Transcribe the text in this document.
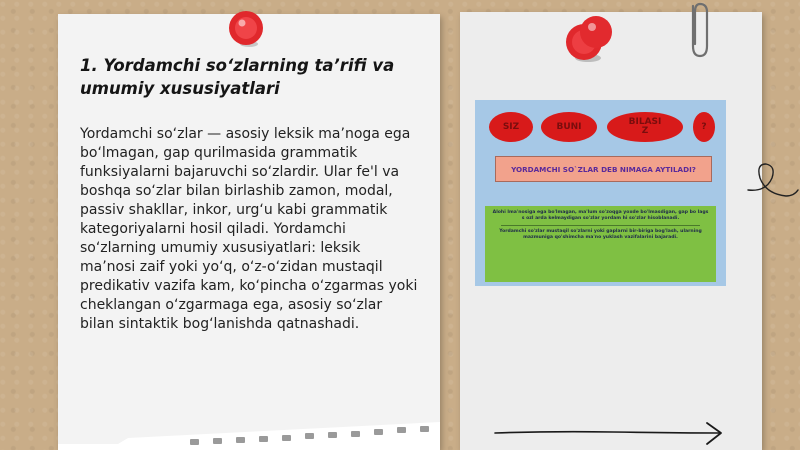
1. Yordamchi so‘zlarning ta’rifi va
umumiy xususiyatlari

Yordamchi so‘zlar — asosiy leksik ma’noga ega bo‘lmagan, gap qurilmasida grammatik funksiyalarni bajaruvchi so‘zlardir. Ular fe'l va boshqa so‘zlar bilan birlashib zamon, modal, passiv shakllar, inkor, urg‘u kabi grammatik kategoriyalarni hosil qiladi. Yordamchi so‘zlarning umumiy xususiyatlari: leksik ma’nosi zaif yoki yo‘q, o‘z-o‘zidan mustaqil predikativ vazifa kam, ko‘pincha o‘zgarmas yoki cheklangan o‘zgarmaga ega, asosiy so‘zlar bilan sintaktik bog‘lanishda qatnashadi.

SIZ	BUNI	BILASI
Z	?
YORDAMCHI SO`ZLAR DEB NIMAGA AYTILADI?

Alohi lma'nosiga ega bo'lmagan, ma'lum so'zoqga yoxde bo'lmasdigan, gap bo lags s ozl arda kelmaydigan so'zlar yordam hi so'zlar hisoblanadi.

Yordamchi so'zlar mustaqil so'zlarni yoki gaplarni bir-biriga bog'lash, ularning mazmuniga qo'shimcha ma'no yuklash vazifalarini bajaradi.
